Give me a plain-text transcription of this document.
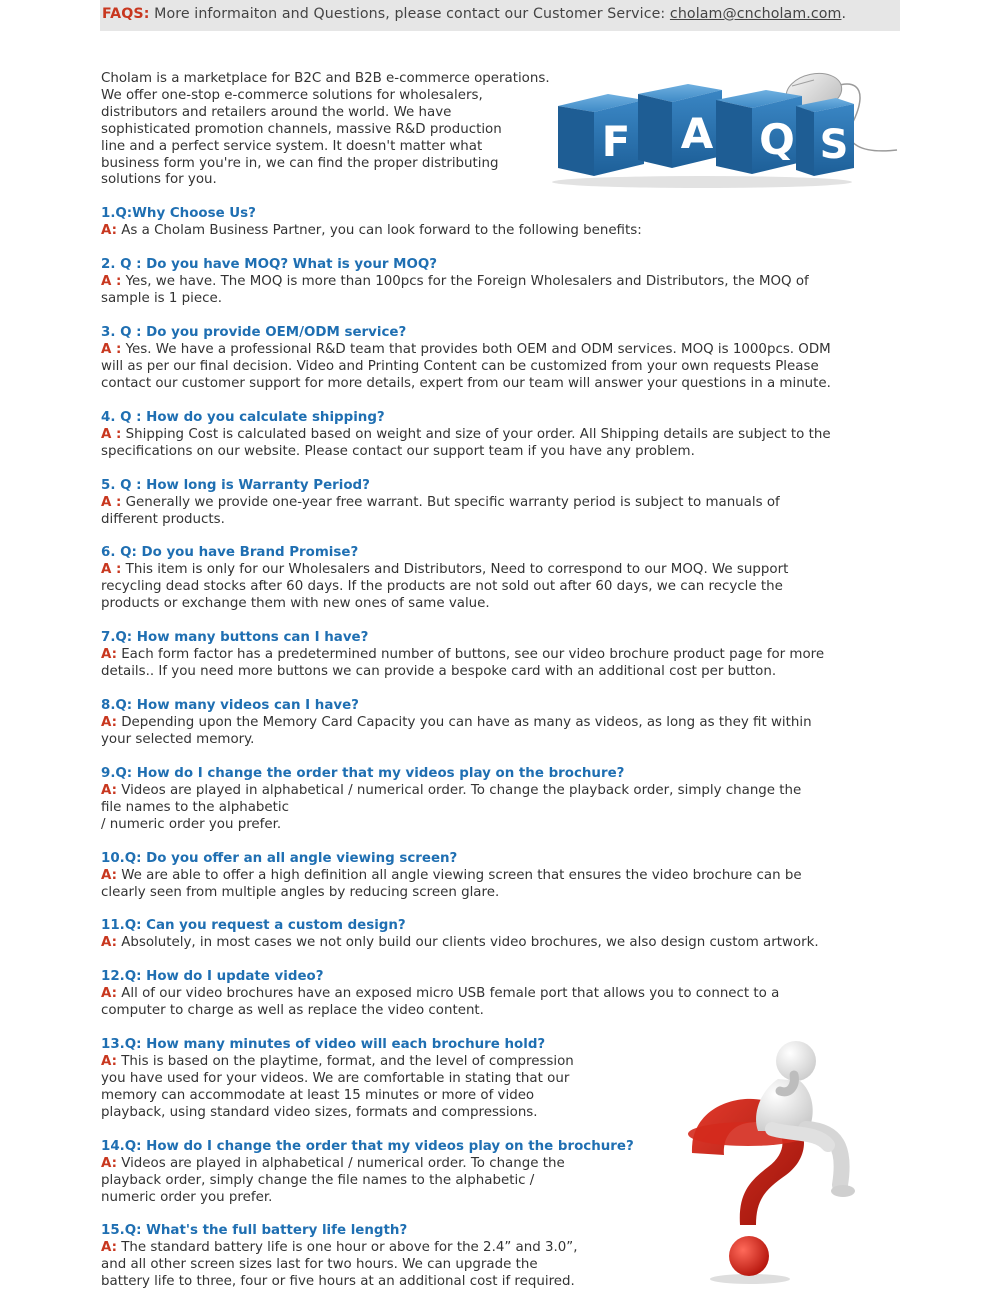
FAQS: More informaiton and Questions, please contact our Customer Service: cholam@cncholam.com.
Cholam is a marketplace for B2C and B2B e-commerce operations.
We offer one-stop e-commerce solutions for wholesalers,
distributors and retailers around the world. We have
sophisticated promotion channels, massive R&D production
line and a perfect service system. It doesn't matter what
business form you're in, we can find the proper distributing
solutions for you.
F A Q S
1.Q:Why Choose Us?
A: As a Cholam Business Partner, you can look forward to the following benefits:
2. Q : Do you have MOQ? What is your MOQ?
A : Yes, we have. The MOQ is more than 100pcs for the Foreign Wholesalers and Distributors, the MOQ of
sample is 1 piece.
3. Q : Do you provide OEM/ODM service?
A : Yes. We have a professional R&D team that provides both OEM and ODM services. MOQ is 1000pcs. ODM
will as per our final decision. Video and Printing Content can be customized from your own requests Please
contact our customer support for more details, expert from our team will answer your questions in a minute.
4. Q : How do you calculate shipping?
A : Shipping Cost is calculated based on weight and size of your order. All Shipping details are subject to the
specifications on our website. Please contact our support team if you have any problem.
5. Q : How long is Warranty Period?
A : Generally we provide one-year free warrant. But specific warranty period is subject to manuals of
different products.
6. Q: Do you have Brand Promise?
A : This item is only for our Wholesalers and Distributors, Need to correspond to our MOQ. We support
recycling dead stocks after 60 days. If the products are not sold out after 60 days, we can recycle the
products or exchange them with new ones of same value.
7.Q: How many buttons can I have?
A: Each form factor has a predetermined number of buttons, see our video brochure product page for more
details.. If you need more buttons we can provide a bespoke card with an additional cost per button.
8.Q: How many videos can I have?
A: Depending upon the Memory Card Capacity you can have as many as videos, as long as they fit within
your selected memory.
9.Q: How do I change the order that my videos play on the brochure?
A: Videos are played in alphabetical / numerical order. To change the playback order, simply change the
file names to the alphabetic
/ numeric order you prefer.
10.Q: Do you offer an all angle viewing screen?
A: We are able to offer a high definition all angle viewing screen that ensures the video brochure can be
clearly seen from multiple angles by reducing screen glare.
11.Q: Can you request a custom design?
A: Absolutely, in most cases we not only build our clients video brochures, we also design custom artwork.
12.Q: How do I update video?
A: All of our video brochures have an exposed micro USB female port that allows you to connect to a
computer to charge as well as replace the video content.
13.Q: How many minutes of video will each brochure hold?
A: This is based on the playtime, format, and the level of compression
you have used for your videos. We are comfortable in stating that our
memory can accommodate at least 15 minutes or more of video
playback, using standard video sizes, formats and compressions.
14.Q: How do I change the order that my videos play on the brochure?
A: Videos are played in alphabetical / numerical order. To change the
playback order, simply change the file names to the alphabetic /
numeric order you prefer.
15.Q: What's the full battery life length?
A: The standard battery life is one hour or above for the 2.4” and 3.0”,
and all other screen sizes last for two hours. We can upgrade the
battery life to three, four or five hours at an additional cost if required.
